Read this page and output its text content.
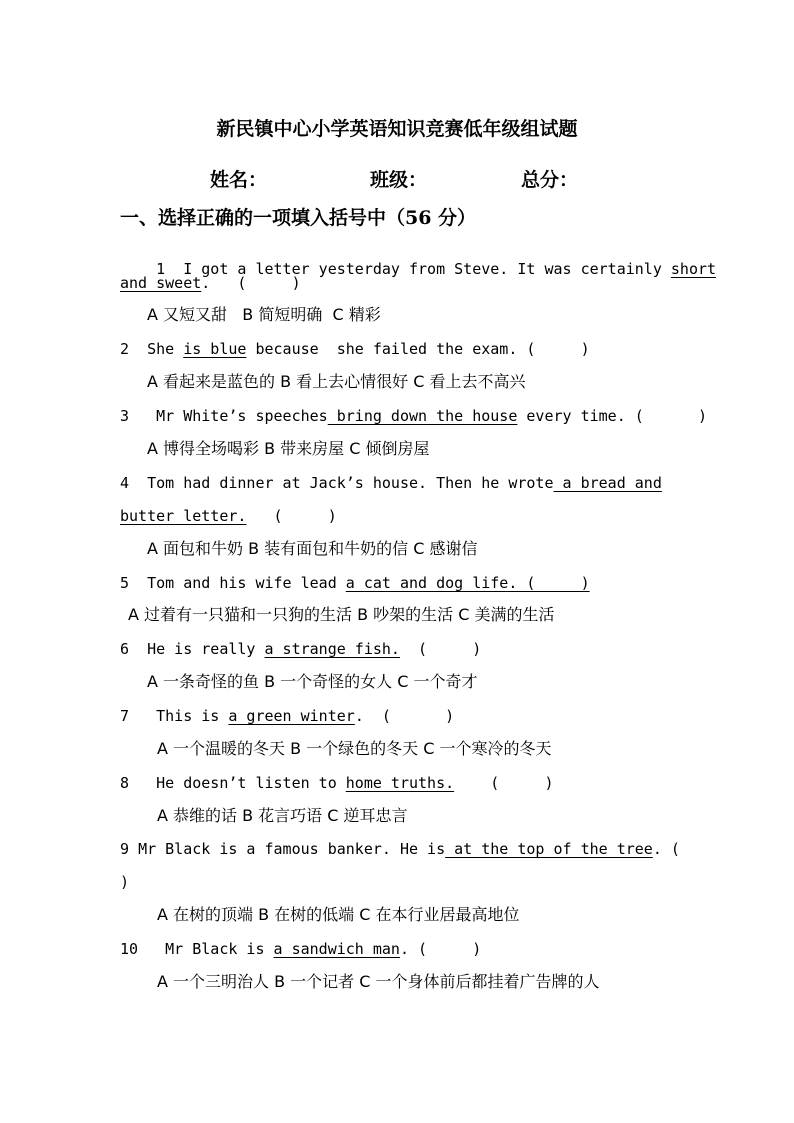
新民镇中心小学英语知识竞赛低年级组试题
姓名：	班级：	总分：
一、选择正确的一项填入括号中（56 分）

1 I got a letter yesterday from Steve. It was certainly short

and sweet.   (     )
A 又短又甜   B 简短明确  C 精彩
2 She is blue because  she failed the exam. (     )
A 看起来是蓝色的 B 看上去心情很好 C 看上去不高兴
3   Mr White’s speeches bring down the house every time. (      )
A 博得全场喝彩 B 带来房屋 C 倾倒房屋
4 Tom had dinner at Jack’s house. Then he wrote a bread and
butter letter.   (     )
A 面包和牛奶 B 装有面包和牛奶的信 C 感谢信
5 Tom and his wife lead a cat and dog life. (     )
A 过着有一只猫和一只狗的生活 B 吵架的生活 C 美满的生活
6 He is really a strange fish.  (     )
A 一条奇怪的鱼 B 一个奇怪的女人 C 一个奇才
7   This is a green winter.  (      )
A 一个温暖的冬天 B 一个绿色的冬天 C 一个寒冷的冬天
8   He doesn’t listen to home truths.    (     )
A 恭维的话 B 花言巧语 C 逆耳忠言
9 Mr Black is a famous banker. He is at the top of the tree. (
)
A 在树的顶端 B 在树的低端 C 在本行业居最高地位
10   Mr Black is a sandwich man. (     )
A 一个三明治人 B 一个记者 C 一个身体前后都挂着广告牌的人
